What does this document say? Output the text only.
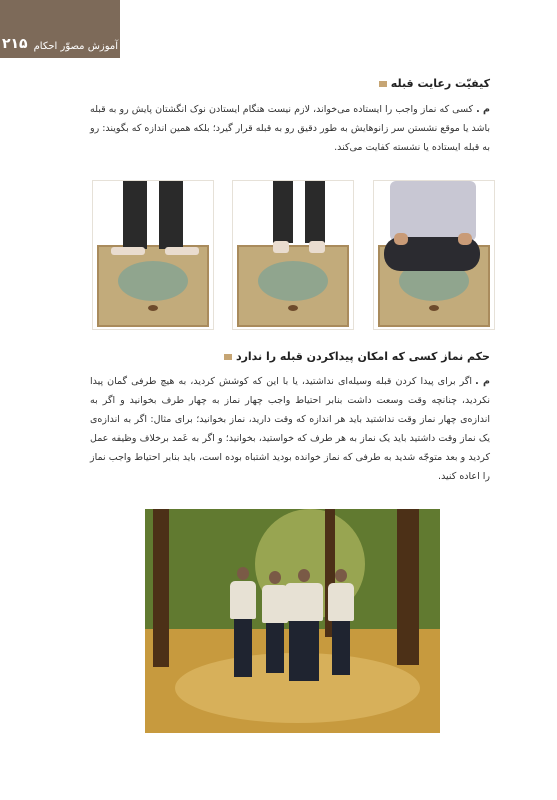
۲۱۵ آموزش مصوّر احکام
کیفیّت رعایت قبله
م .کسی که نماز واجب را ایستاده می‌خواند، لازم نیست هنگام ایستادن نوک انگشتان پایش رو به قبله باشد یا موقع نشستن سر زانوهایش به طور دقیق رو به قبله قرار گیرد؛ بلکه همین اندازه که بگویند: رو به قبله ایستاده یا نشسته کفایت می‌کند.
حکم نماز کسی که امکان پیداکردن قبله را ندارد
م .اگر برای پیدا کردن قبله وسیله‌ای نداشتید، یا با این که کوشش کردید، به هیچ طرفی گمان پیدا نکردید، چنانچه وقت وسعت داشت بنابر احتیاط واجب چهار نماز به چهار طرف بخوانید و اگر به اندازه‌ی چهار نماز وقت نداشتید باید هر اندازه که وقت دارید، نماز بخوانید؛ برای مثال: اگر به اندازه‌ی یک نماز وقت داشتید باید یک نماز به هر طرف که خواستید، بخوانید؛ و اگر به عَمد برخلاف وظیفه عمل کردید و بعد متوجّه شدید به طرفی که نماز خوانده بودید اشتباه بوده است، باید بنابر احتیاط واجب نماز را اعاده کنید.
